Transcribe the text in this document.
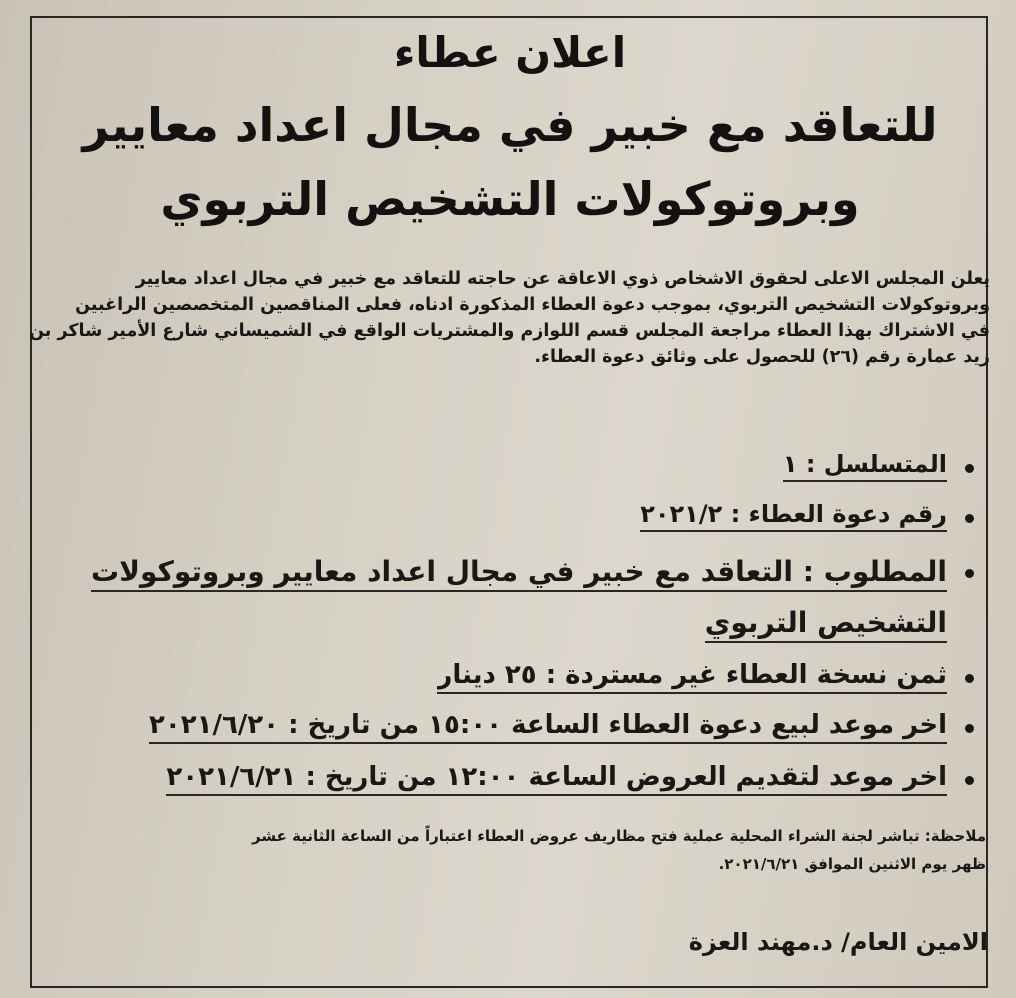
اعلان عطاء
للتعاقد مع خبير في مجال اعداد معايير
وبروتوكولات التشخيص التربوي
يعلن المجلس الاعلى لحقوق الاشخاص ذوي الاعاقة عن حاجته للتعاقد مع خبير في مجال اعداد معايير
وبروتوكولات التشخيص التربوي، بموجب دعوة العطاء المذكورة ادناه، فعلى المناقصين المتخصصين الراغبين
في الاشتراك بهذا العطاء مراجعة المجلس قسم اللوازم والمشتريات الواقع في الشميساني شارع الأمير شاكر بن
زيد عمارة رقم (٢٦) للحصول على وثائق دعوة العطاء.
المتسلسل : ١
رقم دعوة العطاء : ٢٠٢١/٢
المطلوب : التعاقد مع خبير في مجال اعداد معايير وبروتوكولات
التشخيص التربوي
ثمن نسخة العطاء غير مستردة : ٢٥ دينار
اخر موعد لبيع دعوة العطاء الساعة ١٥:٠٠ من تاريخ : ٢٠٢١/٦/٢٠
اخر موعد لتقديم العروض الساعة ١٢:٠٠ من تاريخ : ٢٠٢١/٦/٢١
ملاحظة: تباشر لجنة الشراء المحلية عملية فتح مظاريف عروض العطاء اعتباراً من الساعة الثانية عشر
ظهر يوم الاثنين الموافق ٢٠٢١/٦/٢١.
الامين العام/ د.مهند العزة
